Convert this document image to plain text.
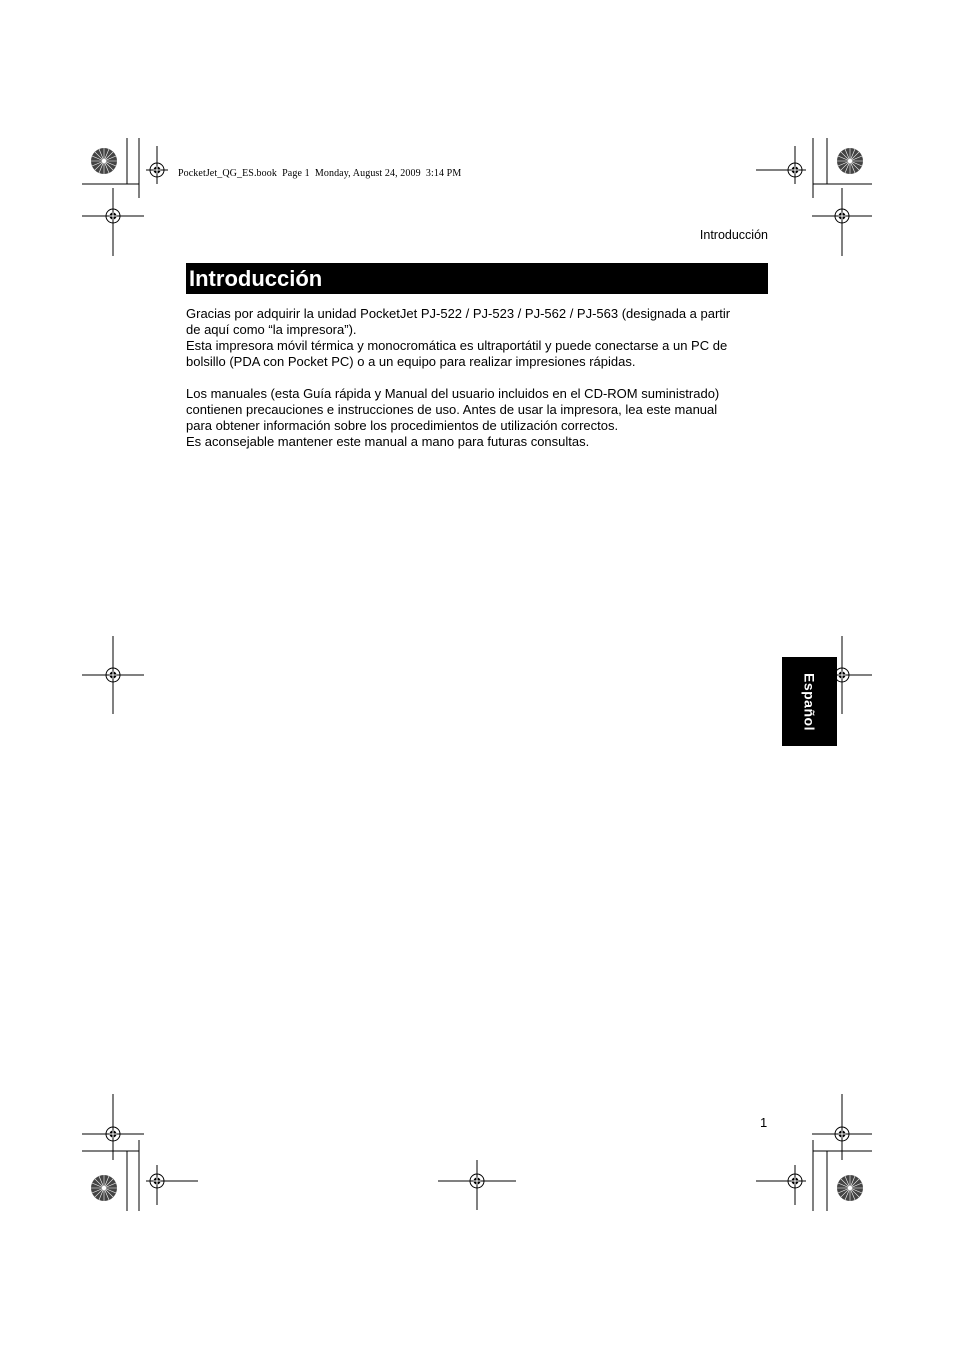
PocketJet_QG_ES.book  Page 1  Monday, August 24, 2009  3:14 PM
Introducción
Introducción

Gracias por adquirir la unidad PocketJet PJ-522 / PJ-523 / PJ-562 / PJ-563 (designada a partir
de aquí como “la impresora”).
Esta impresora móvil térmica y monocromática es ultraportátil y puede conectarse a un PC de
bolsillo (PDA con Pocket PC) o a un equipo para realizar impresiones rápidas.

Los manuales (esta Guía rápida y Manual del usuario incluidos en el CD-ROM suministrado)
contienen precauciones e instrucciones de uso. Antes de usar la impresora, lea este manual
para obtener información sobre los procedimientos de utilización correctos.
Es aconsejable mantener este manual a mano para futuras consultas.

Español
1
